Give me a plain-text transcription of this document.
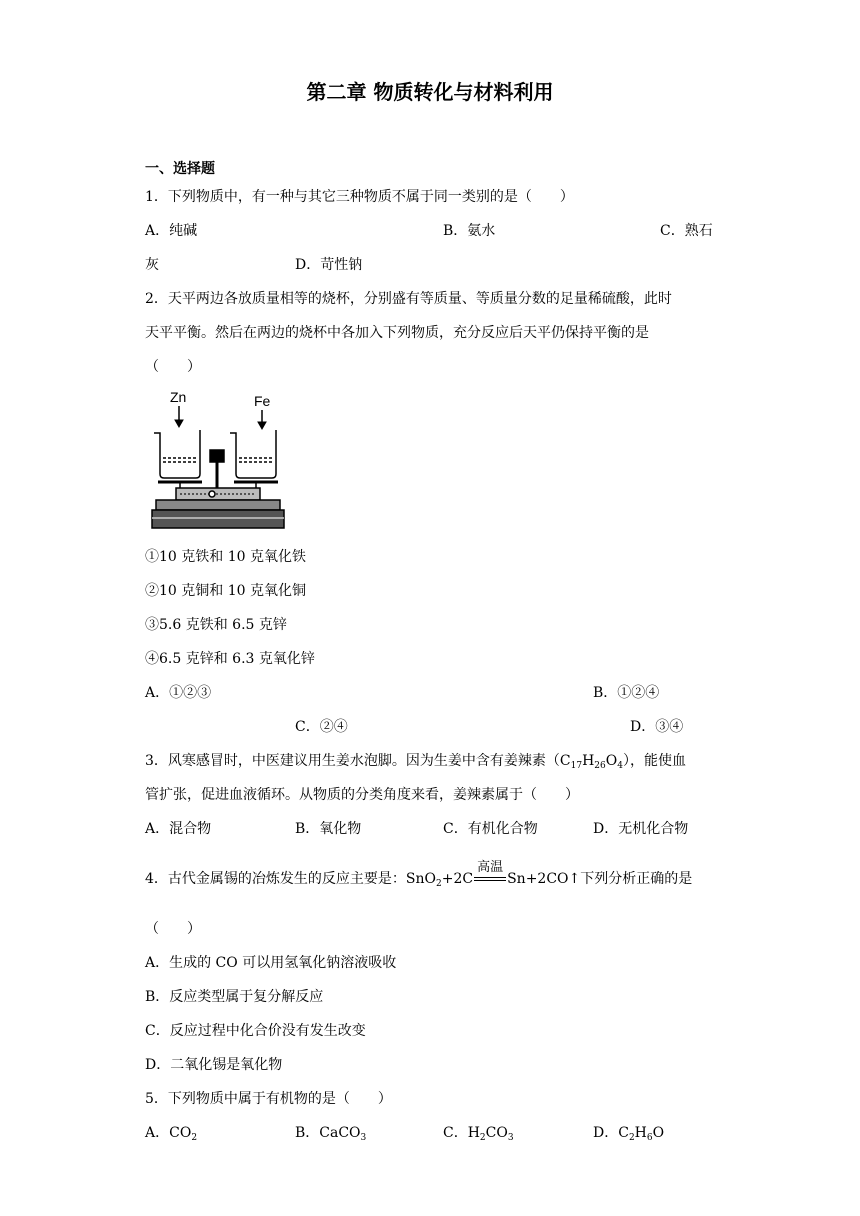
第二章 物质转化与材料利用
一、选择题
1．下列物质中，有一种与其它三种物质不属于同一类别的是（　　）
A．纯碱	B．氨水	C．熟石
灰	D．苛性钠
2．天平两边各放质量相等的烧杯，分别盛有等质量、等质量分数的足量稀硫酸，此时
天平平衡。然后在两边的烧杯中各加入下列物质，充分反应后天平仍保持平衡的是
（　　）
Zn	Fe
①10 克铁和 10 克氧化铁
②10 克铜和 10 克氧化铜
③5.6 克铁和 6.5 克锌
④6.5 克锌和 6.3 克氧化锌
A．①②③	B．①②④
C．②④	D．③④
3．风寒感冒时，中医建议用生姜水泡脚。因为生姜中含有姜辣素$(C_{17}H_{26}O_4)$，能使血
管扩张，促进血液循环。从物质的分类角度来看，姜辣素属于（　　）
A．混合物	B．氧化物	C．有机化合物	D．无机化合物
4．古代金属锡的冶炼发生的反应主要是：SnO$_2$+2C
高温
Sn+2CO↑下列分析正确的是
（　　）
A．生成的 CO 可以用氢氧化钠溶液吸收
B．反应类型属于复分解反应
C．反应过程中化合价没有发生改变
D．二氧化锡是氧化物
5．下列物质中属于有机物的是（　　）
A．$CO_2$	B．CaCO$_3$	C．$H_2CO_3$	D．$C_2H_6O$
